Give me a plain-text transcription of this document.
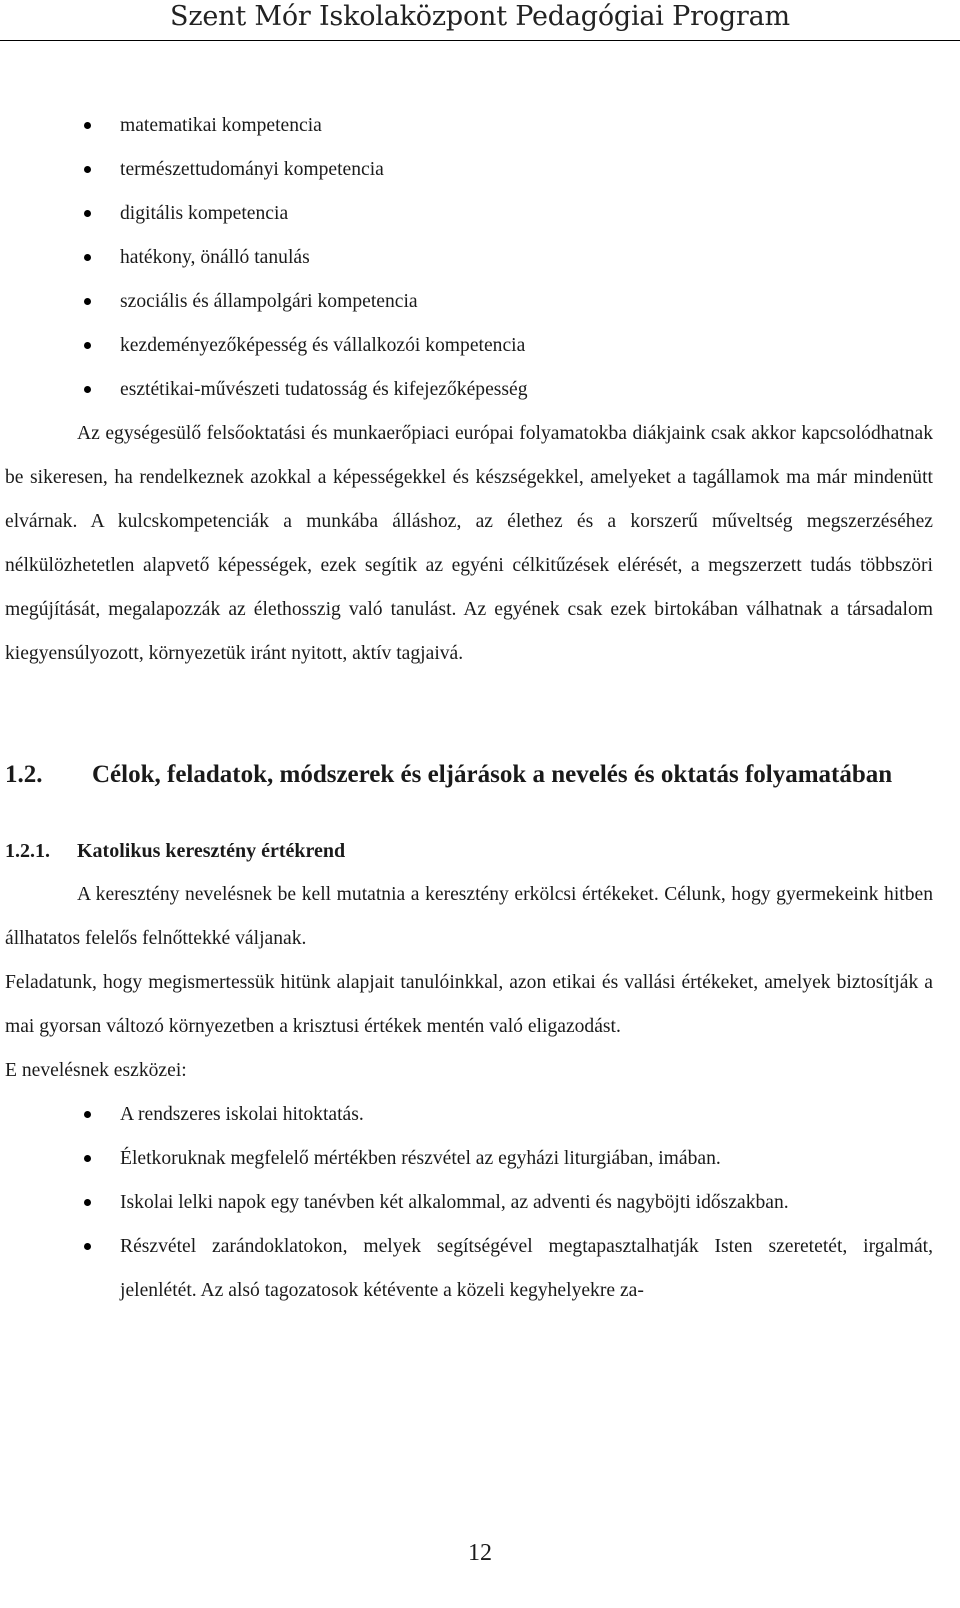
Szent Mór Iskolaközpont Pedagógiai Program
matematikai kompetencia
természettudományi kompetencia
digitális kompetencia
hatékony, önálló tanulás
szociális és állampolgári kompetencia
kezdeményezőképesség és vállalkozói kompetencia
esztétikai-művészeti tudatosság és kifejezőképesség

Az egységesülő felsőoktatási és munkaerőpiaci európai folyamatokba diákjaink csak akkor kapcsolódhatnak be sikeresen, ha rendelkeznek azokkal a képességekkel és készségekkel, amelyeket a tagállamok ma már mindenütt elvárnak. A kulcskompetenciák a munkába álláshoz, az élethez és a korszerű műveltség megszerzéséhez nélkülözhetetlen alapvető képességek, ezek segítik az egyéni célkitűzések elérését, a megszerzett tudás többszöri megújítását, megalapozzák az élethosszig való tanulást. Az egyének csak ezek birtokában válhatnak a társadalom kiegyensúlyozott, környezetük iránt nyitott, aktív tagjaivá.

1.2. Célok, feladatok, módszerek és eljárások a nevelés és oktatás folyamatában
1.2.1. Katolikus keresztény értékrend

A keresztény nevelésnek be kell mutatnia a keresztény erkölcsi értékeket. Célunk, hogy gyermekeink hitben állhatatos felelős felnőttekké váljanak.

Feladatunk, hogy megismertessük hitünk alapjait tanulóinkkal, azon etikai és vallási értékeket, amelyek biztosítják a mai gyorsan változó környezetben a krisztusi értékek mentén való eligazodást.

E nevelésnek eszközei:

A rendszeres iskolai hitoktatás.
Életkoruknak megfelelő mértékben részvétel az egyházi liturgiában, imában.
Iskolai lelki napok egy tanévben két alkalommal, az adventi és nagyböjti időszakban.
Részvétel zarándoklatokon, melyek segítségével megtapasztalhatják Isten szeretetét, irgalmát, jelenlétét. Az alsó tagozatosok kétévente a közeli kegyhelyekre za-
12
